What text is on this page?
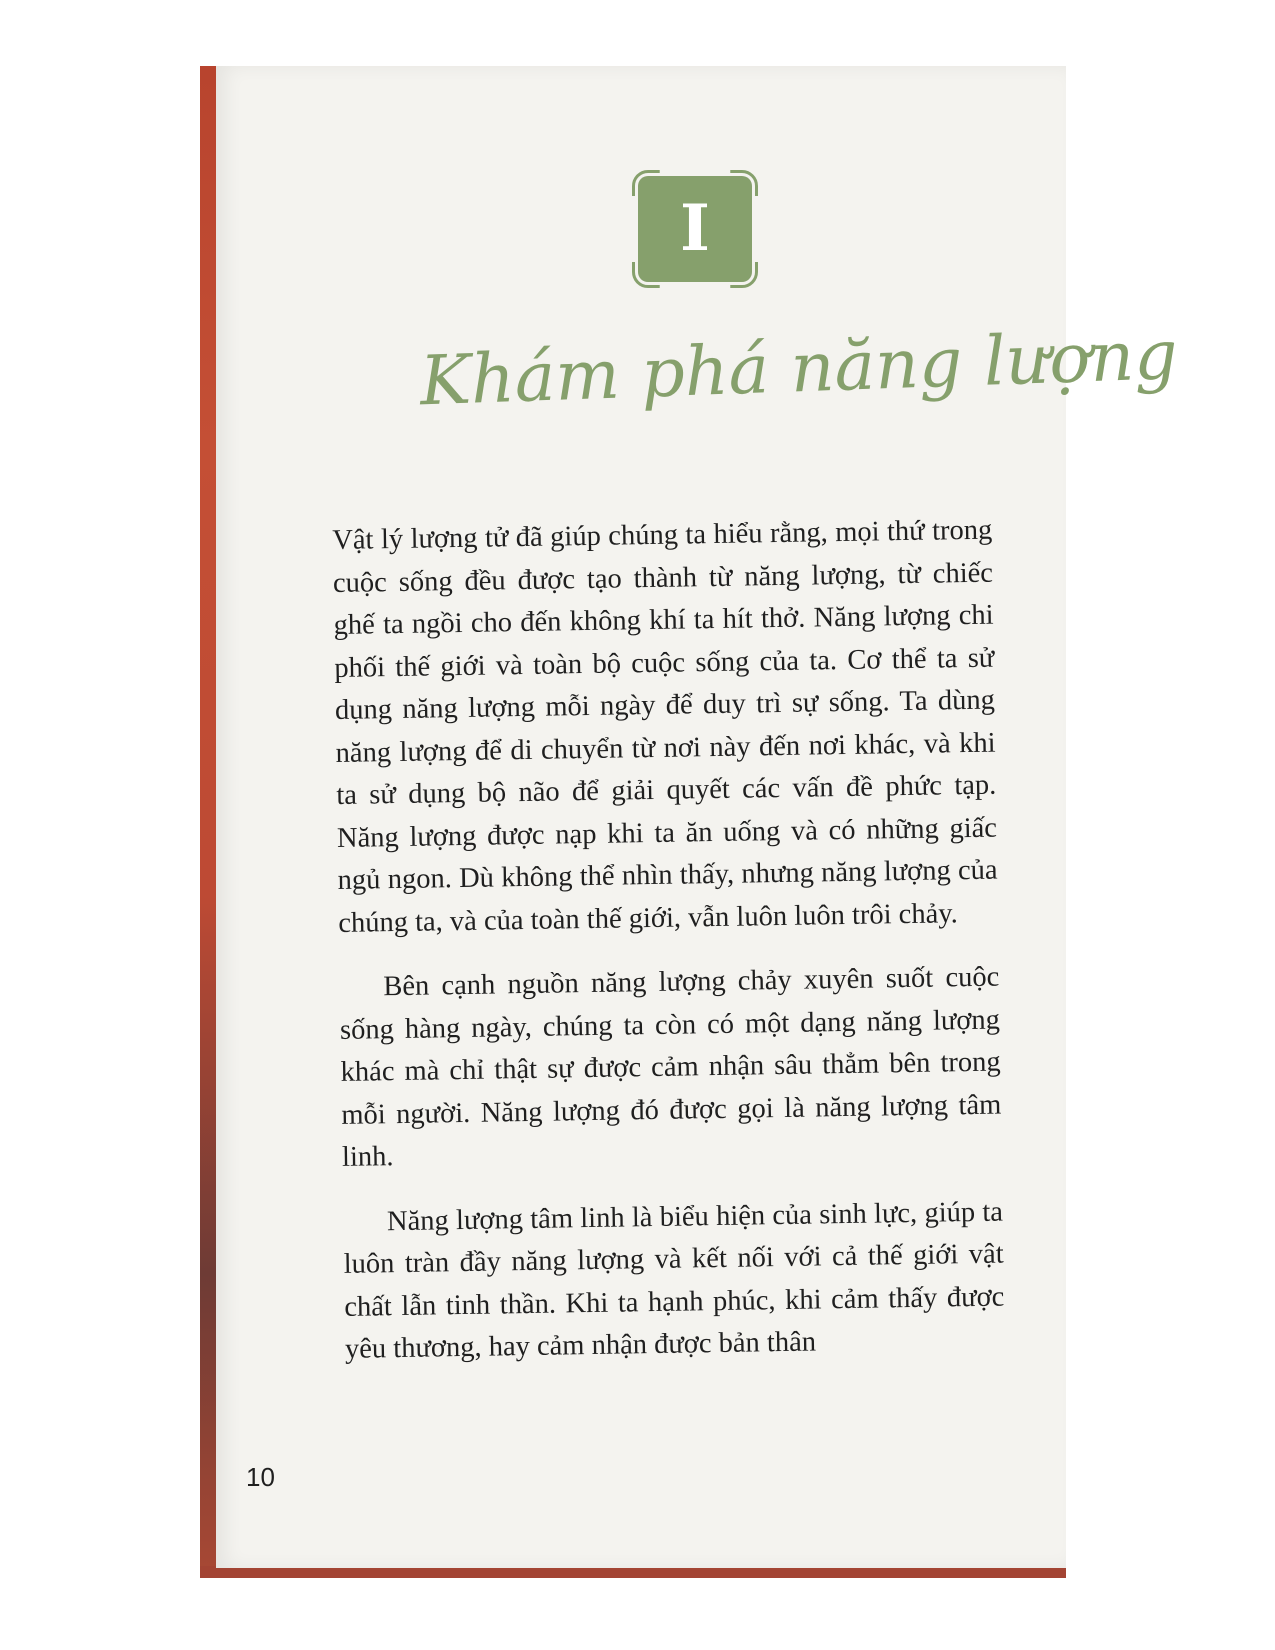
I
Khám phá năng lượng

Vật lý lượng tử đã giúp chúng ta hiểu rằng, mọi thứ trong cuộc sống đều được tạo thành từ năng lượng, từ chiếc ghế ta ngồi cho đến không khí ta hít thở. Năng lượng chi phối thế giới và toàn bộ cuộc sống của ta. Cơ thể ta sử dụng năng lượng mỗi ngày để duy trì sự sống. Ta dùng năng lượng để di chuyển từ nơi này đến nơi khác, và khi ta sử dụng bộ não để giải quyết các vấn đề phức tạp. Năng lượng được nạp khi ta ăn uống và có những giấc ngủ ngon. Dù không thể nhìn thấy, nhưng năng lượng của chúng ta, và của toàn thế giới, vẫn luôn luôn trôi chảy.

Bên cạnh nguồn năng lượng chảy xuyên suốt cuộc sống hàng ngày, chúng ta còn có một dạng năng lượng khác mà chỉ thật sự được cảm nhận sâu thẳm bên trong mỗi người. Năng lượng đó được gọi là năng lượng tâm linh.

Năng lượng tâm linh là biểu hiện của sinh lực, giúp ta luôn tràn đầy năng lượng và kết nối với cả thế giới vật chất lẫn tinh thần. Khi ta hạnh phúc, khi cảm thấy được yêu thương, hay cảm nhận được bản thân

10
